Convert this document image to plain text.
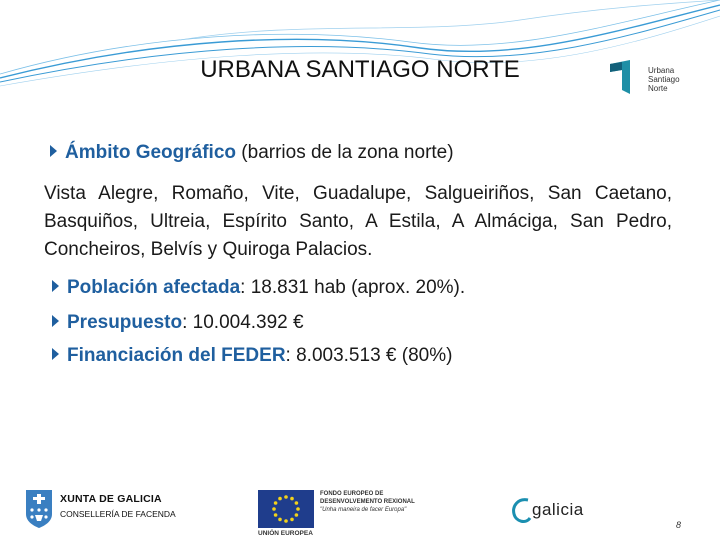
URBANA SANTIAGO NORTE	Urbana
Santiago
Norte
Ámbito Geográfico (barrios de la zona norte)
Vista Alegre, Romaño, Vite, Guadalupe, Salgueiriños, San Caetano, Basquiños, Ultreia, Espírito Santo, A Estila, A Almáciga, San Pedro, Concheiros, Belvís y Quiroga Palacios.
Población afectada: 18.831 hab (aprox. 20%).
Presupuesto: 10.004.392 €
Financiación del FEDER: 8.003.513 € (80%)
XUNTA DE GALICIA
CONSELLERÍA DE FACENDA
UNIÓN EUROPEA
FONDO EUROPEO DE
DESENVOLVEMENTO REXIONAL
"Unha maneira de facer Europa"	galicia
8
